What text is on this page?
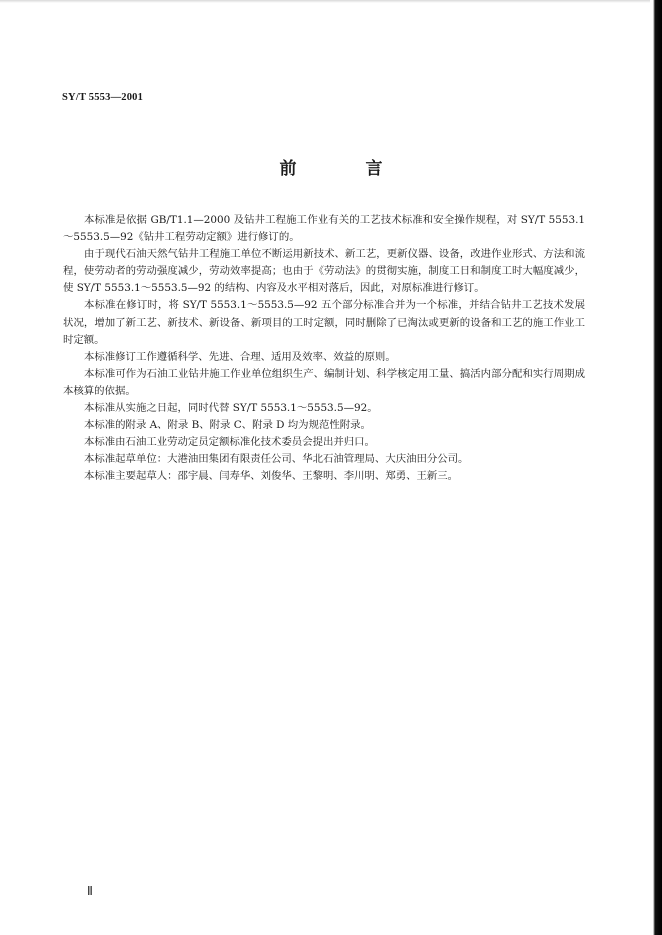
SY/T 5553—2001
前　言

本标准是依据 GB/T1.1—2000 及钻井工程施工作业有关的工艺技术标准和安全操作规程，对 SY/T 5553.1～5553.5—92《钻井工程劳动定额》进行修订的。

由于现代石油天然气钻井工程施工单位不断运用新技术、新工艺，更新仪器、设备，改进作业形式、方法和流程，使劳动者的劳动强度减少，劳动效率提高；也由于《劳动法》的贯彻实施，制度工日和制度工时大幅度减少，使 SY/T 5553.1～5553.5—92 的结构、内容及水平相对落后，因此，对原标准进行修订。

本标准在修订时，将 SY/T 5553.1～5553.5—92 五个部分标准合并为一个标准，并结合钻井工艺技术发展状况，增加了新工艺、新技术、新设备、新项目的工时定额，同时删除了已淘汰或更新的设备和工艺的施工作业工时定额。

本标准修订工作遵循科学、先进、合理、适用及效率、效益的原则。

本标准可作为石油工业钻井施工作业单位组织生产、编制计划、科学核定用工量、搞活内部分配和实行周期成本核算的依据。

本标准从实施之日起，同时代替 SY/T 5553.1～5553.5—92。

本标准的附录 A、附录 B、附录 C、附录 D 均为规范性附录。

本标准由石油工业劳动定员定额标准化技术委员会提出并归口。

本标准起草单位：大港油田集团有限责任公司、华北石油管理局、大庆油田分公司。

本标准主要起草人：邵宇晨、闫寿华、刘俊华、王黎明、李川明、郑勇、王新三。

Ⅱ
